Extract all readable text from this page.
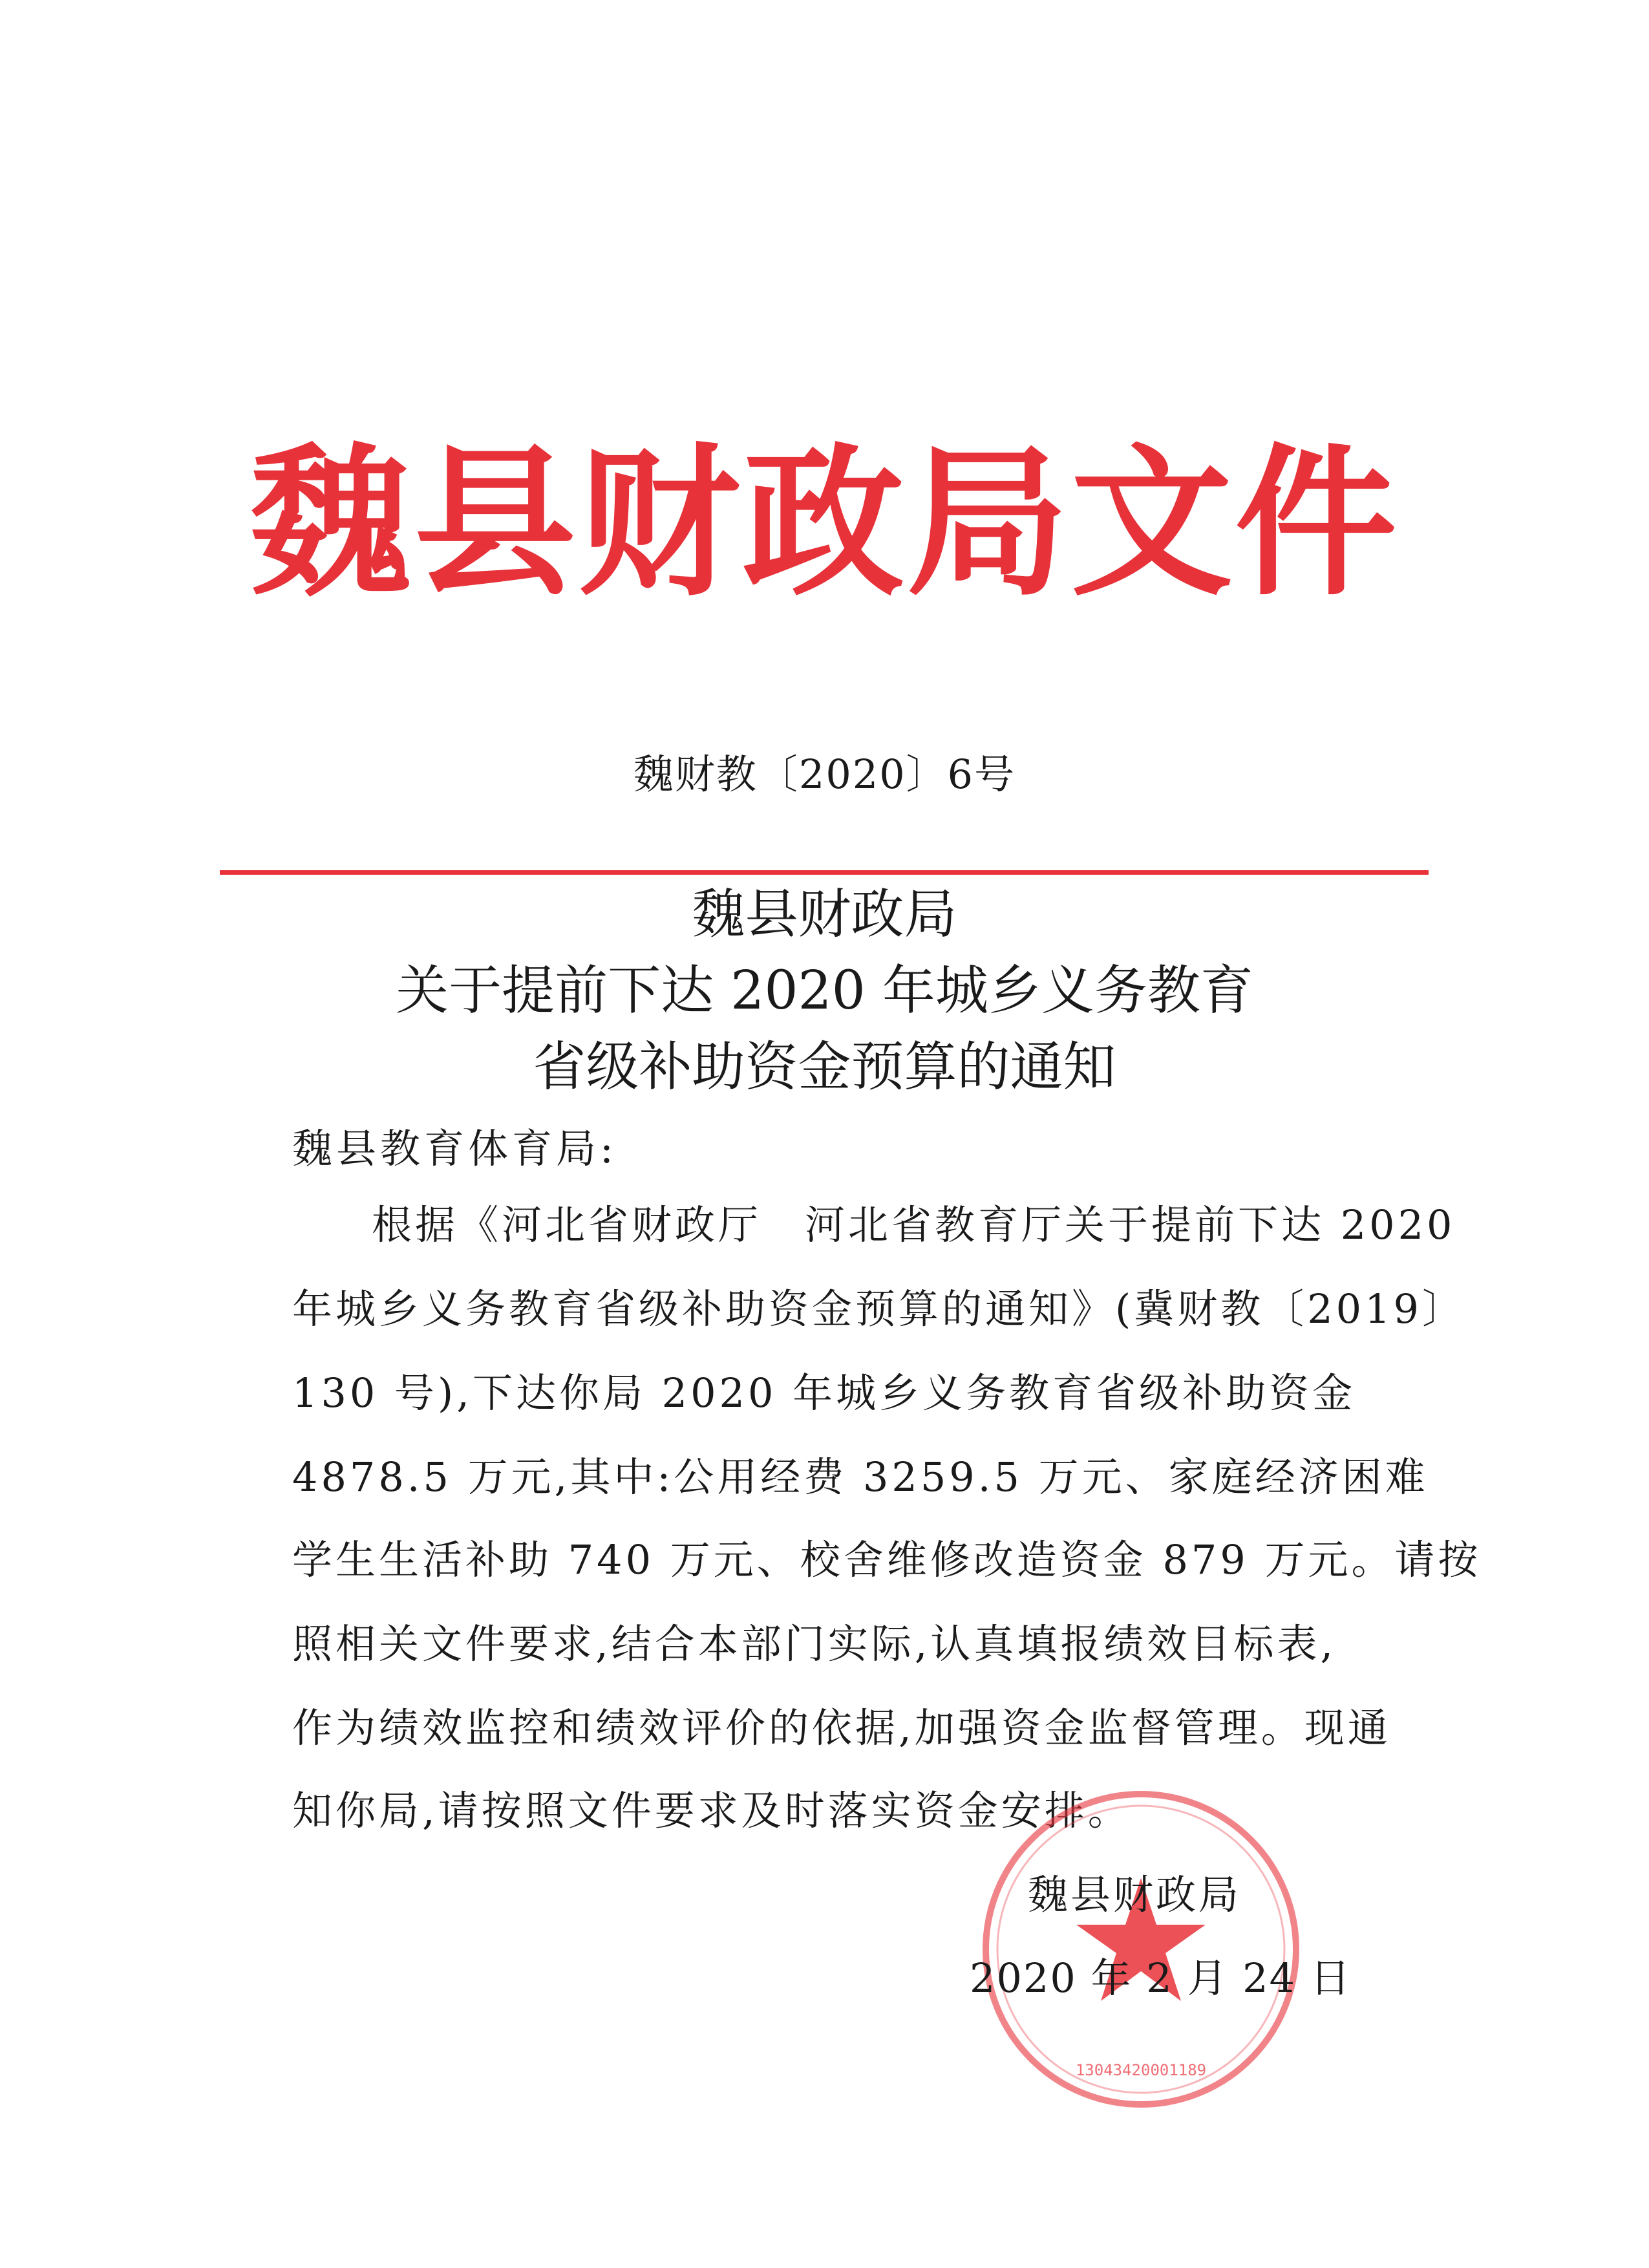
魏县财政局文件
魏财教〔2020〕6号
魏县财政局
关于提前下达 2020 年城乡义务教育
省级补助资金预算的通知
魏县教育体育局:
根据《河北省财政厅　河北省教育厅关于提前下达 2020
年城乡义务教育省级补助资金预算的通知》(冀财教〔2019〕
130 号),下达你局 2020 年城乡义务教育省级补助资金
4878.5 万元,其中:公用经费 3259.5 万元、家庭经济困难
学生生活补助 740 万元、校舍维修改造资金 879 万元。请按
照相关文件要求,结合本部门实际,认真填报绩效目标表,
作为绩效监控和绩效评价的依据,加强资金监督管理。现通
知你局,请按照文件要求及时落实资金安排。
13043420001189
魏县财政局
2020 年 2 月 24 日
